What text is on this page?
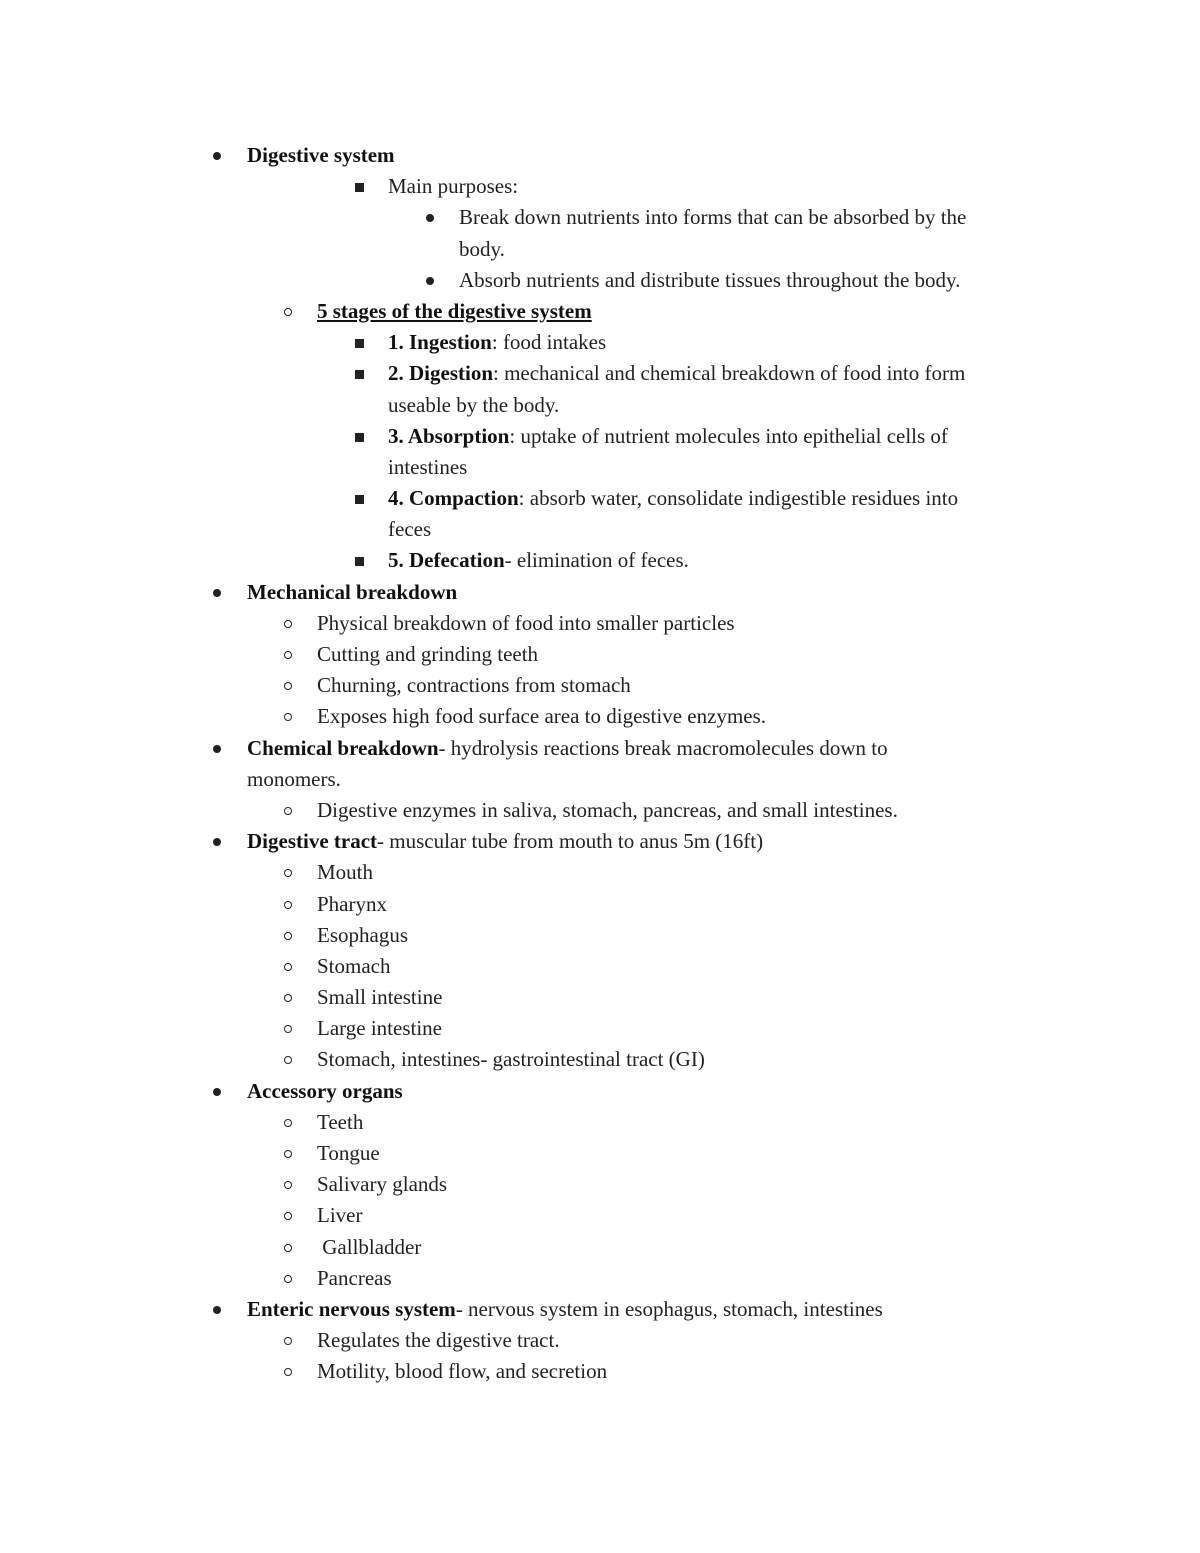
Digestive system
Main purposes:
Break down nutrients into forms that can be absorbed by the
body.
Absorb nutrients and distribute tissues throughout the body.
5 stages of the digestive system
1. Ingestion: food intakes
2. Digestion: mechanical and chemical breakdown of food into form
useable by the body.
3. Absorption: uptake of nutrient molecules into epithelial cells of
intestines
4. Compaction: absorb water, consolidate indigestible residues into
feces
5. Defecation- elimination of feces.
Mechanical breakdown
Physical breakdown of food into smaller particles
Cutting and grinding teeth
Churning, contractions from stomach
Exposes high food surface area to digestive enzymes.
Chemical breakdown- hydrolysis reactions break macromolecules down to
monomers.
Digestive enzymes in saliva, stomach, pancreas, and small intestines.
Digestive tract- muscular tube from mouth to anus 5m (16ft)
Mouth
Pharynx
Esophagus
Stomach
Small intestine
Large intestine
Stomach, intestines- gastrointestinal tract (GI)
Accessory organs
Teeth
Tongue
Salivary glands
Liver
Gallbladder
Pancreas
Enteric nervous system- nervous system in esophagus, stomach, intestines
Regulates the digestive tract.
Motility, blood flow, and secretion
